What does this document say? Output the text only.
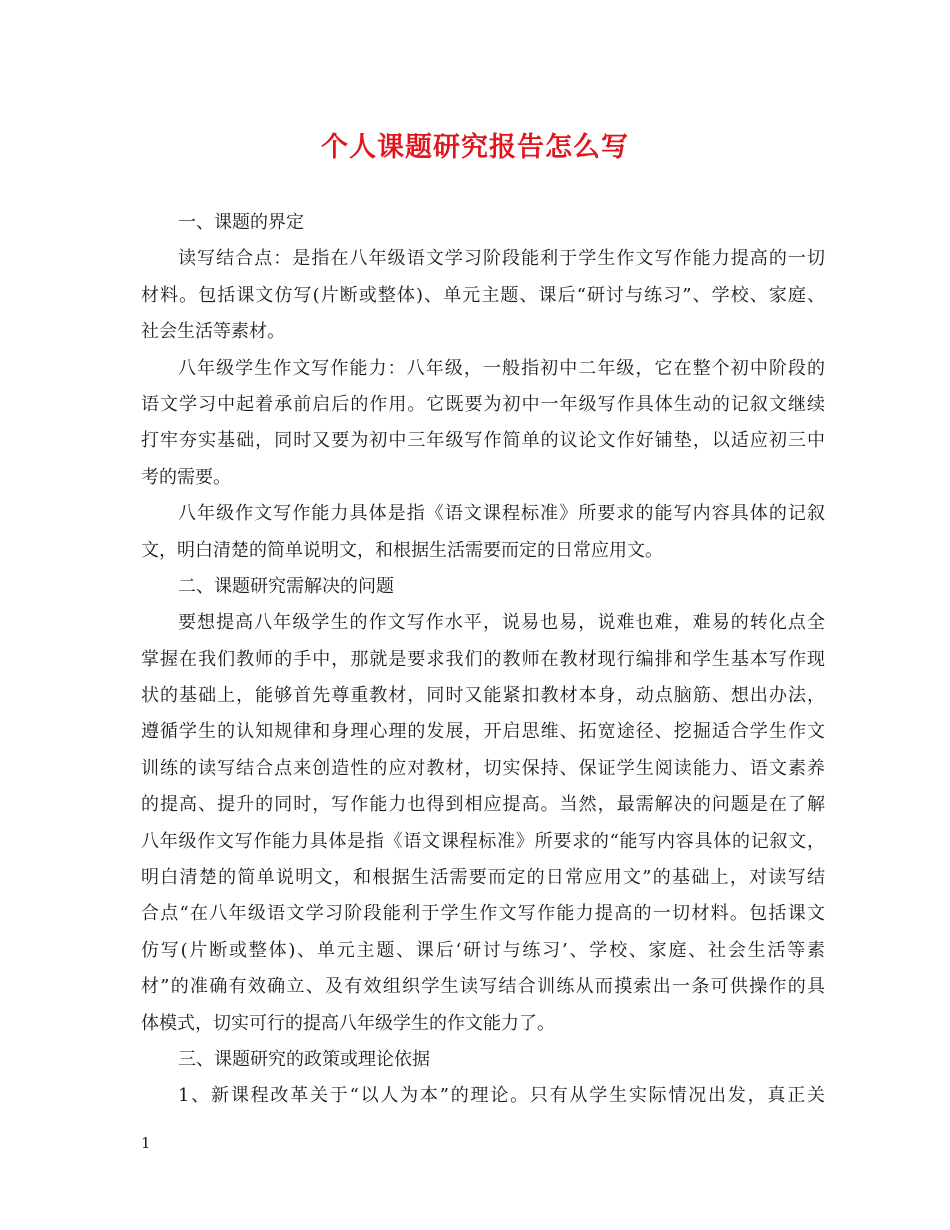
个人课题研究报告怎么写
一、课题的界定
读写结合点：是指在八年级语文学习阶段能利于学生作文写作能力提高的一切
材料。包括课文仿写(片断或整体)、单元主题、课后“研讨与练习”、学校、家庭、
社会生活等素材。
八年级学生作文写作能力：八年级，一般指初中二年级，它在整个初中阶段的
语文学习中起着承前启后的作用。它既要为初中一年级写作具体生动的记叙文继续
打牢夯实基础，同时又要为初中三年级写作简单的议论文作好铺垫，以适应初三中
考的需要。
八年级作文写作能力具体是指《语文课程标准》所要求的能写内容具体的记叙
文，明白清楚的简单说明文，和根据生活需要而定的日常应用文。
二、课题研究需解决的问题
要想提高八年级学生的作文写作水平，说易也易，说难也难，难易的转化点全
掌握在我们教师的手中，那就是要求我们的教师在教材现行编排和学生基本写作现
状的基础上，能够首先尊重教材，同时又能紧扣教材本身，动点脑筋、想出办法，
遵循学生的认知规律和身理心理的发展，开启思维、拓宽途径、挖掘适合学生作文
训练的读写结合点来创造性的应对教材，切实保持、保证学生阅读能力、语文素养
的提高、提升的同时，写作能力也得到相应提高。当然，最需解决的问题是在了解
八年级作文写作能力具体是指《语文课程标准》所要求的“能写内容具体的记叙文，
明白清楚的简单说明文，和根据生活需要而定的日常应用文”的基础上，对读写结
合点“在八年级语文学习阶段能利于学生作文写作能力提高的一切材料。包括课文
仿写(片断或整体)、单元主题、课后‘研讨与练习’、学校、家庭、社会生活等素
材”的准确有效确立、及有效组织学生读写结合训练从而摸索出一条可供操作的具
体模式，切实可行的提高八年级学生的作文能力了。
三、课题研究的政策或理论依据
1、新课程改革关于“以人为本”的理论。只有从学生实际情况出发，真正关
1
